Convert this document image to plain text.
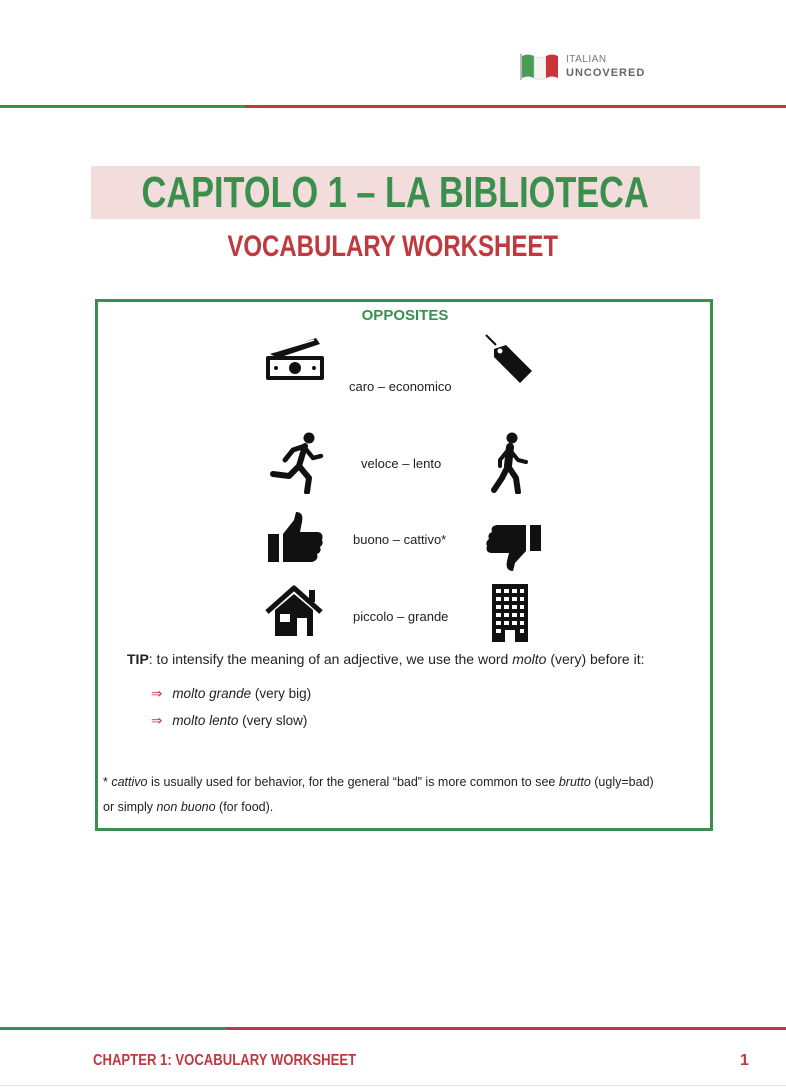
ITALIAN
UNCOVERED
CAPITOLO 1 – LA BIBLIOTECA
VOCABULARY WORKSHEET
OPPOSITES
caro – economico
veloce – lento
buono – cattivo*
piccolo – grande
TIP: to intensify the meaning of an adjective, we use the word molto (very) before it:
⇒ molto grande (very big)
⇒ molto lento (very slow)
* cattivo is usually used for behavior, for the general “bad” is more common to see brutto (ugly=bad)
or simply non buono (for food).
CHAPTER 1: VOCABULARY WORKSHEET	1
